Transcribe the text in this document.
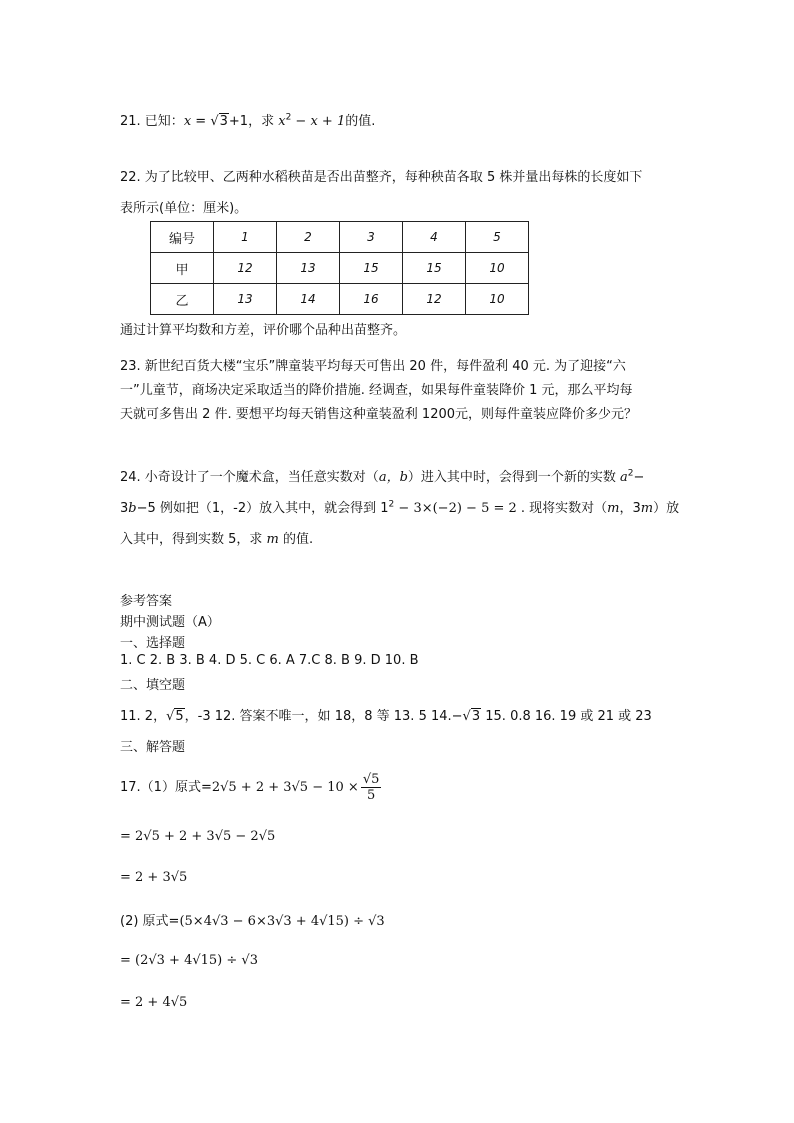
21. 已知：x = √3+1，求 $x^2 - x + 1$的值.
22. 为了比较甲、乙两种水稻秧苗是否出苗整齐，每种秧苗各取 5 株并量出每株的长度如下
表所示(单位：厘米)。
编号	1	2	3	4	5
甲	12	13	15	15	10
乙	13	14	16	12	10
通过计算平均数和方差，评价哪个品种出苗整齐。
23. 新世纪百货大楼“宝乐”牌童装平均每天可售出 20 件，每件盈利 40 元. 为了迎接“六
一”儿童节，商场决定采取适当的降价措施. 经调查，如果每件童装降价 1 元，那么平均每
天就可多售出 2 件. 要想平均每天销售这种童装盈利 1200元，则每件童装应降价多少元？
24. 小奇设计了一个魔术盒，当任意实数对（a，b）进入其中时，会得到一个新的实数 $a^2-$
3b−5 例如把（1，-2）放入其中，就会得到 $1^2 - 3\times(-2) - 5 = 2$ . 现将实数对（m，3m）放
入其中，得到实数 5，求 m 的值.
参考答案
期中测试题（A）
一、选择题
1. C 2. B 3. B 4. D 5. C 6. A 7.C 8. B 9. D 10. B
二、填空题
11. 2，√5，-3 12. 答案不唯一，如 18，8 等 13. 5 14.−√3 15. 0.8 16. 19 或 21 或 23
三、解答题
17.（1）原式$=2√5 + 2 + 3√5 - 10 \times \frac{√5}{5}$
= 2√5 + 2 + 3√5 − 2√5
= 2 + 3√5
(2) 原式=(5×4√3 − 6×3√3 + 4√15) ÷ √3
= (2√3 + 4√15) ÷ √3
= 2 + 4√5
